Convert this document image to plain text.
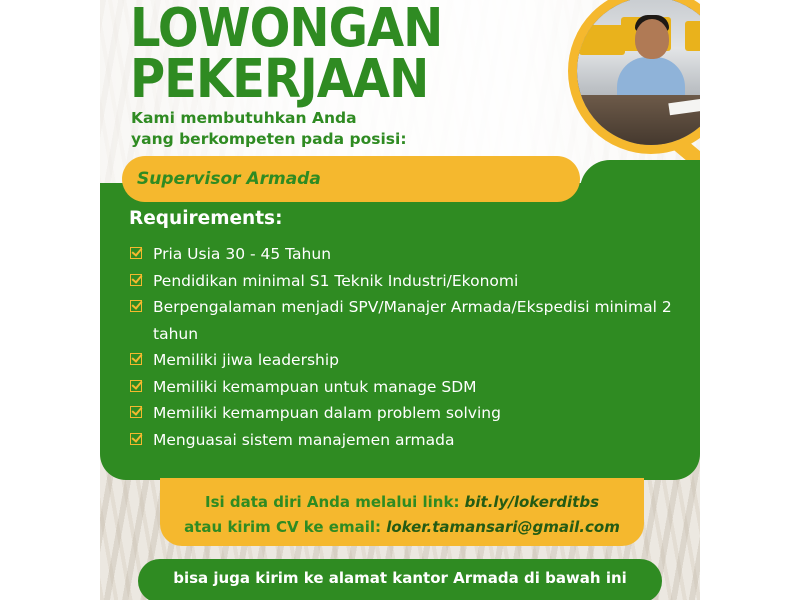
LOWONGAN
PEKERJAAN

Kami membutuhkan Anda
yang berkompeten pada posisi:

Supervisor Armada
Requirements:
Pria Usia 30 - 45 Tahun
Pendidikan minimal S1 Teknik Industri/Ekonomi
Berpengalaman menjadi SPV/Manajer Armada/Ekspedisi minimal 2 tahun
Memiliki jiwa leadership
Memiliki kemampuan untuk manage SDM
Memiliki kemampuan dalam problem solving
Menguasai sistem manajemen armada
Isi data diri Anda melalui link: bit.ly/lokerditbs
atau kirim CV ke email: loker.tamansari@gmail.com
bisa juga kirim ke alamat kantor Armada di bawah ini
